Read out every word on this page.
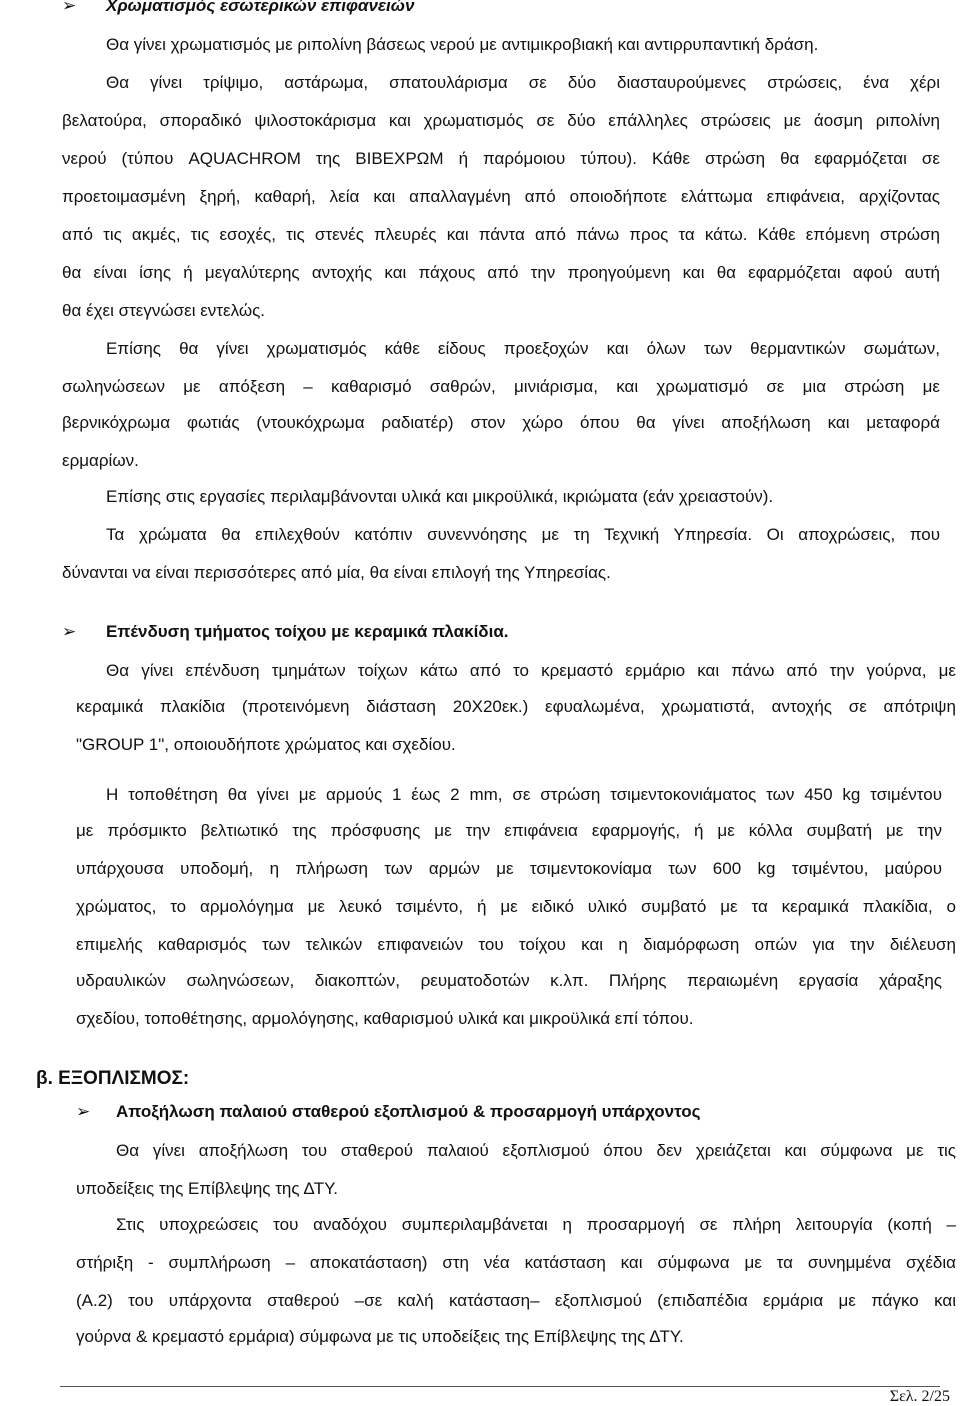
➢ Χρωματισμός εσωτερικών επιφανειών
Θα γίνει χρωματισμός με ριπολίνη βάσεως νερού με αντιμικροβιακή και αντιρρυπαντική δράση.
Θα γίνει τρίψιμο, αστάρωμα, σπατουλάρισμα σε δύο διασταυρούμενες στρώσεις, ένα χέρι
βελατούρα, σποραδικό ψιλοστοκάρισμα και χρωματισμός σε δύο επάλληλες στρώσεις με άοσμη ριπολίνη
νερού (τύπου AQUACHROM της BIBEXΡΩΜ ή παρόμοιου τύπου). Κάθε στρώση θα εφαρμόζεται σε
προετοιμασμένη ξηρή, καθαρή, λεία και απαλλαγμένη από οποιοδήποτε ελάττωμα επιφάνεια, αρχίζοντας
από τις ακμές, τις εσοχές, τις στενές πλευρές και πάντα από πάνω προς τα κάτω. Κάθε επόμενη στρώση
θα είναι ίσης ή μεγαλύτερης αντοχής και πάχους από την προηγούμενη και θα εφαρμόζεται αφού αυτή
θα έχει στεγνώσει εντελώς.
Επίσης θα γίνει χρωματισμός κάθε είδους προεξοχών και όλων των θερμαντικών σωμάτων,
σωληνώσεων με απόξεση – καθαρισμό σαθρών, μινιάρισμα, και χρωματισμό σε μια στρώση με
βερνικόχρωμα φωτιάς (ντουκόχρωμα ραδιατέρ) στον χώρο όπου θα γίνει αποξήλωση και μεταφορά
ερμαρίων.
Επίσης στις εργασίες περιλαμβάνονται υλικά και μικροϋλικά, ικριώματα (εάν χρειαστούν).
Τα χρώματα θα επιλεχθούν κατόπιν συνεννόησης με τη Τεχνική Υπηρεσία. Οι αποχρώσεις, που
δύνανται να είναι περισσότερες από μία, θα είναι επιλογή της Υπηρεσίας.
➢ Επένδυση τμήματος τοίχου με κεραμικά πλακίδια.
Θα γίνει επένδυση τμημάτων τοίχων κάτω από το κρεμαστό ερμάριο και πάνω από την γούρνα, με
κεραμικά πλακίδια (προτεινόμενη διάσταση 20Χ20εκ.) εφυαλωμένα, χρωματιστά, αντοχής σε απότριψη
"GROUP 1", οποιουδήποτε χρώματος και σχεδίου.
Η τοποθέτηση θα γίνει με αρμούς 1 έως 2 mm, σε στρώση τσιμεντοκονιάματος των 450 kg τσιμέντου
με πρόσμικτο βελτιωτικό της πρόσφυσης με την επιφάνεια εφαρμογής, ή με κόλλα συμβατή με την
υπάρχουσα υποδομή, η πλήρωση των αρμών με τσιμεντοκονίαμα των 600 kg τσιμέντου, μαύρου
χρώματος, το αρμολόγημα με λευκό τσιμέντο, ή με ειδικό υλικό συμβατό με τα κεραμικά πλακίδια, ο
επιμελής καθαρισμός των τελικών επιφανειών του τοίχου και η διαμόρφωση οπών για την διέλευση
υδραυλικών σωληνώσεων, διακοπτών, ρευματοδοτών κ.λπ. Πλήρης περαιωμένη εργασία χάραξης
σχεδίου, τοποθέτησης, αρμολόγησης, καθαρισμού υλικά και μικροϋλικά επί τόπου.
β. ΕΞΟΠΛΙΣΜΟΣ:
➢ Αποξήλωση παλαιού σταθερού εξοπλισμού & προσαρμογή υπάρχοντος
Θα γίνει αποξήλωση του σταθερού παλαιού εξοπλισμού όπου δεν χρειάζεται και σύμφωνα με τις
υποδείξεις της Επίβλεψης της ΔΤΥ.
Στις υποχρεώσεις του αναδόχου συμπεριλαμβάνεται η προσαρμογή σε πλήρη λειτουργία (κοπή –
στήριξη - συμπλήρωση – αποκατάσταση) στη νέα κατάσταση και σύμφωνα με τα συνημμένα σχέδια
(Α.2) του υπάρχοντα σταθερού –σε καλή κατάσταση– εξοπλισμού (επιδαπέδια ερμάρια με πάγκο και
γούρνα & κρεμαστό ερμάρια) σύμφωνα με τις υποδείξεις της Επίβλεψης της ΔΤΥ.
Σελ. 2/25
